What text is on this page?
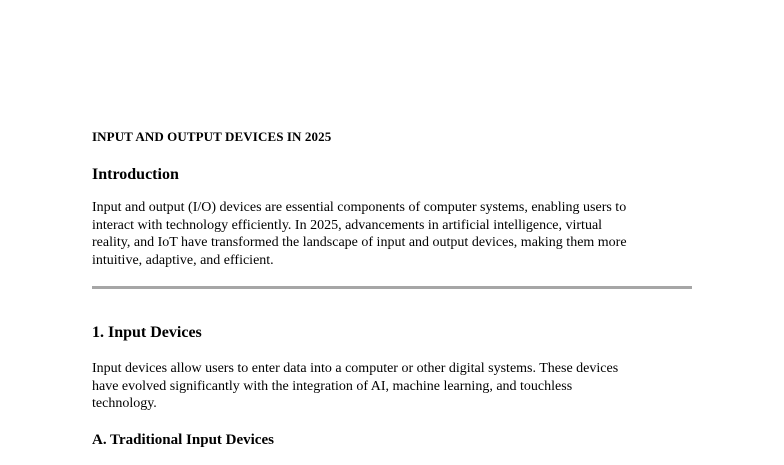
INPUT AND OUTPUT DEVICES IN 2025

Introduction

Input and output (I/O) devices are essential components of computer systems, enabling users to
interact with technology efficiently. In 2025, advancements in artificial intelligence, virtual
reality, and IoT have transformed the landscape of input and output devices, making them more
intuitive, adaptive, and efficient.

1. Input Devices

Input devices allow users to enter data into a computer or other digital systems. These devices
have evolved significantly with the integration of AI, machine learning, and touchless
technology.

A. Traditional Input Devices
